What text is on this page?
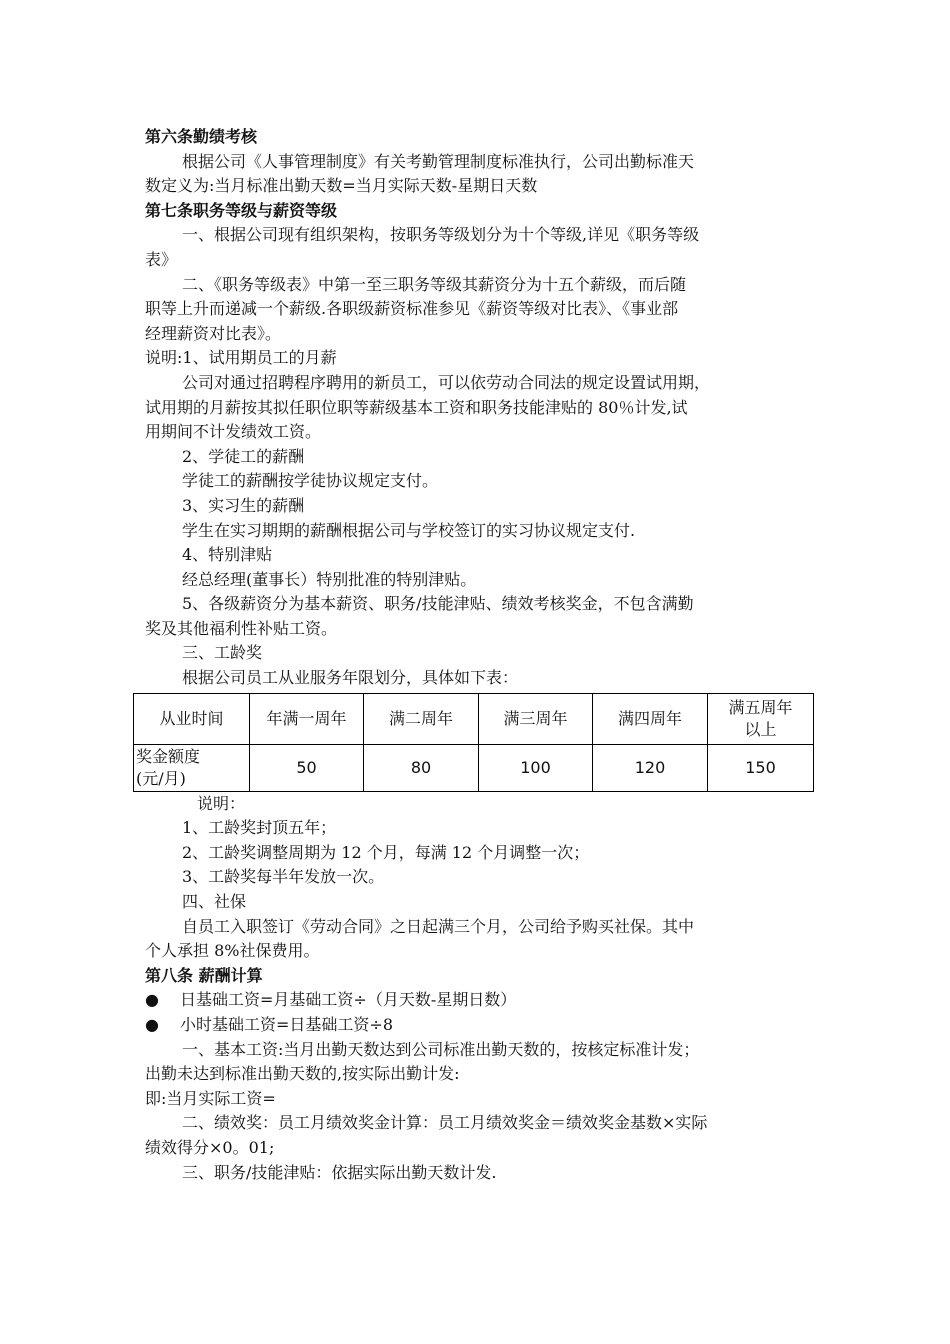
第六条勤绩考核
根据公司《人事管理制度》有关考勤管理制度标准执行，公司出勤标准天
数定义为:当月标准出勤天数=当月实际天数-星期日天数
第七条职务等级与薪资等级
一、根据公司现有组织架构，按职务等级划分为十个等级,详见《职务等级
表》
二、《职务等级表》中第一至三职务等级其薪资分为十五个薪级，而后随
职等上升而递减一个薪级.各职级薪资标准参见《薪资等级对比表》、《事业部
经理薪资对比表》。
说明:1、试用期员工的月薪
公司对通过招聘程序聘用的新员工，可以依劳动合同法的规定设置试用期，
试用期的月薪按其拟任职位职等薪级基本工资和职务技能津贴的 80％计发,试
用期间不计发绩效工资。
2、学徒工的薪酬
学徒工的薪酬按学徒协议规定支付。
3、实习生的薪酬
学生在实习期期的薪酬根据公司与学校签订的实习协议规定支付.
4、特别津贴
经总经理(董事长）特别批准的特别津贴。
5、各级薪资分为基本薪资、职务/技能津贴、绩效考核奖金，不包含满勤
奖及其他福利性补贴工资。
三、工龄奖
根据公司员工从业服务年限划分，具体如下表：
从业时间	年满一周年	满二周年	满三周年	满四周年	满五周年
以上

奖金额度
(元/月)	50	80	100	120	150
说明：
1、工龄奖封顶五年；
2、工龄奖调整周期为 12 个月，每满 12 个月调整一次；
3、工龄奖每半年发放一次。
四、社保
自员工入职签订《劳动合同》之日起满三个月，公司给予购买社保。其中
个人承担 8%社保费用。
第八条 薪酬计算
● 日基础工资=月基础工资÷（月天数-星期日数）
● 小时基础工资=日基础工资÷8
一、基本工资:当月出勤天数达到公司标准出勤天数的，按核定标准计发；
出勤未达到标准出勤天数的,按实际出勤计发:
即:当月实际工资=
二、绩效奖：员工月绩效奖金计算：员工月绩效奖金＝绩效奖金基数×实际
绩效得分×0。01;
三、职务/技能津贴：依据实际出勤天数计发.
